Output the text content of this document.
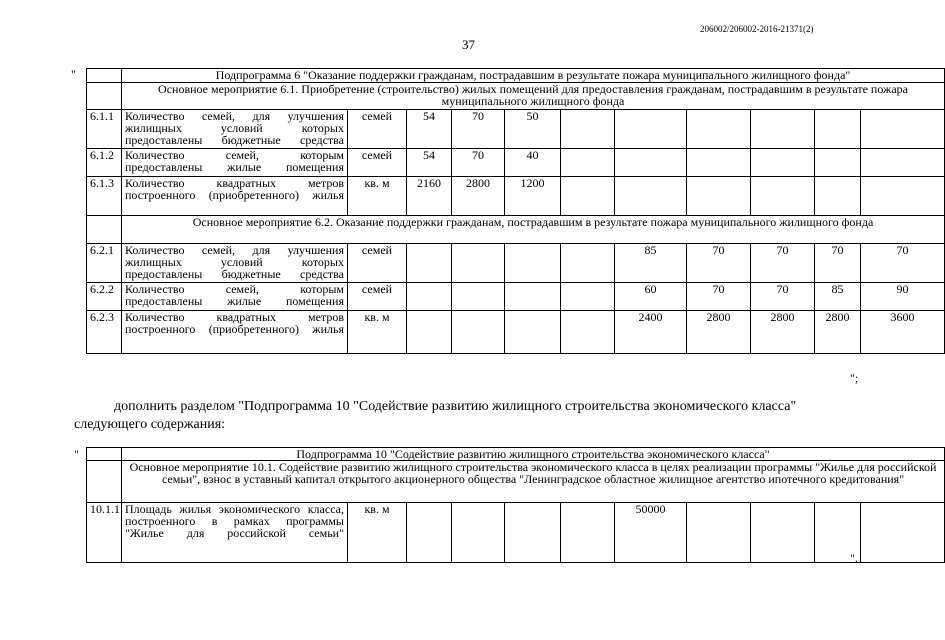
206002/206002-2016-21371(2)
37
"
		Подпрограмма 6 "Оказание поддержки гражданам, пострадавшим в результате пожара муниципального жилищного фонда"										
	Основное мероприятие 6.1. Приобретение (строительство) жилых помещений для предоставления гражданам, пострадавшим в результате пожара муниципального жилищного фонда										
6.1.1	Количество семей, для улучшения жилищных условий которых предоставлены бюджетные средства	семей	54	70	50						
6.1.2	Количество семей, которым предоставлены жилые помещения	семей	54	70	40						
6.1.3	Количество квадратных метров построенного (приобретенного) жилья	кв. м	2160	2800	1200						
	Основное мероприятие 6.2. Оказание поддержки гражданам, пострадавшим в результате пожара муниципального жилищного фонда										
6.2.1	Количество семей, для улучшения жилищных условий которых предоставлены бюджетные средства	семей					85	70	70	70	70
6.2.2	Количество семей, которым предоставлены жилые помещения	семей					60	70	70	85	90
6.2.3	Количество квадратных метров построенного (приобретенного) жилья	кв. м					2400	2800	2800	2800	3600
";
дополнить разделом "Подпрограмма 10 "Содействие развитию жилищного строительства экономического класса"
следующего содержания:
"
		Подпрограмма 10 "Содействие развитию жилищного строительства экономического класса"										
	Основное мероприятие 10.1. Содействие развитию жилищного строительства экономического класса в целях реализации программы "Жилье для российской семьи", взнос в уставный капитал открытого акционерного общества "Ленинградское областное жилищное агентство ипотечного кредитования"										
10.1.1	Площадь жилья экономического класса, построенного в рамках программы "Жилье для российской семьи"	кв. м					50000				
".
